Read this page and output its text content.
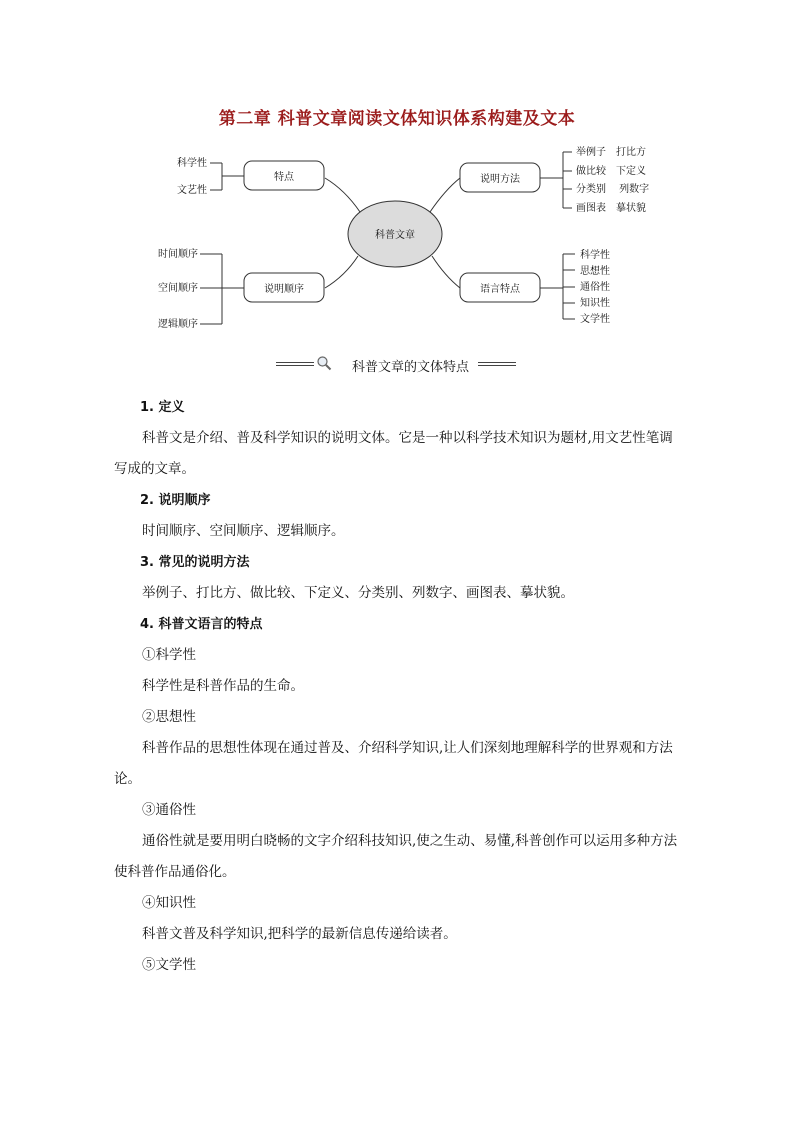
第二章 科普文章阅读文体知识体系构建及文本
科普文章
特点	说明方法
说明顺序	语言特点
科学性
文艺性
举例子　打比方
做比较　下定义
分类别　 列数字
画图表　摹状貌
时间顺序
空间顺序
逻辑顺序
科学性
思想性
通俗性
知识性
文学性
科普文章的文体特点
1. 定义
科普文是介绍、普及科学知识的说明文体。它是一种以科学技术知识为题材,用文艺性笔调写成的文章。
2. 说明顺序
时间顺序、空间顺序、逻辑顺序。
3. 常见的说明方法
举例子、打比方、做比较、下定义、分类别、列数字、画图表、摹状貌。
4. 科普文语言的特点
①科学性
科学性是科普作品的生命。
②思想性
科普作品的思想性体现在通过普及、介绍科学知识,让人们深刻地理解科学的世界观和方法论。
③通俗性
通俗性就是要用明白晓畅的文字介绍科技知识,使之生动、易懂,科普创作可以运用多种方法使科普作品通俗化。
④知识性
科普文普及科学知识,把科学的最新信息传递给读者。
⑤文学性
